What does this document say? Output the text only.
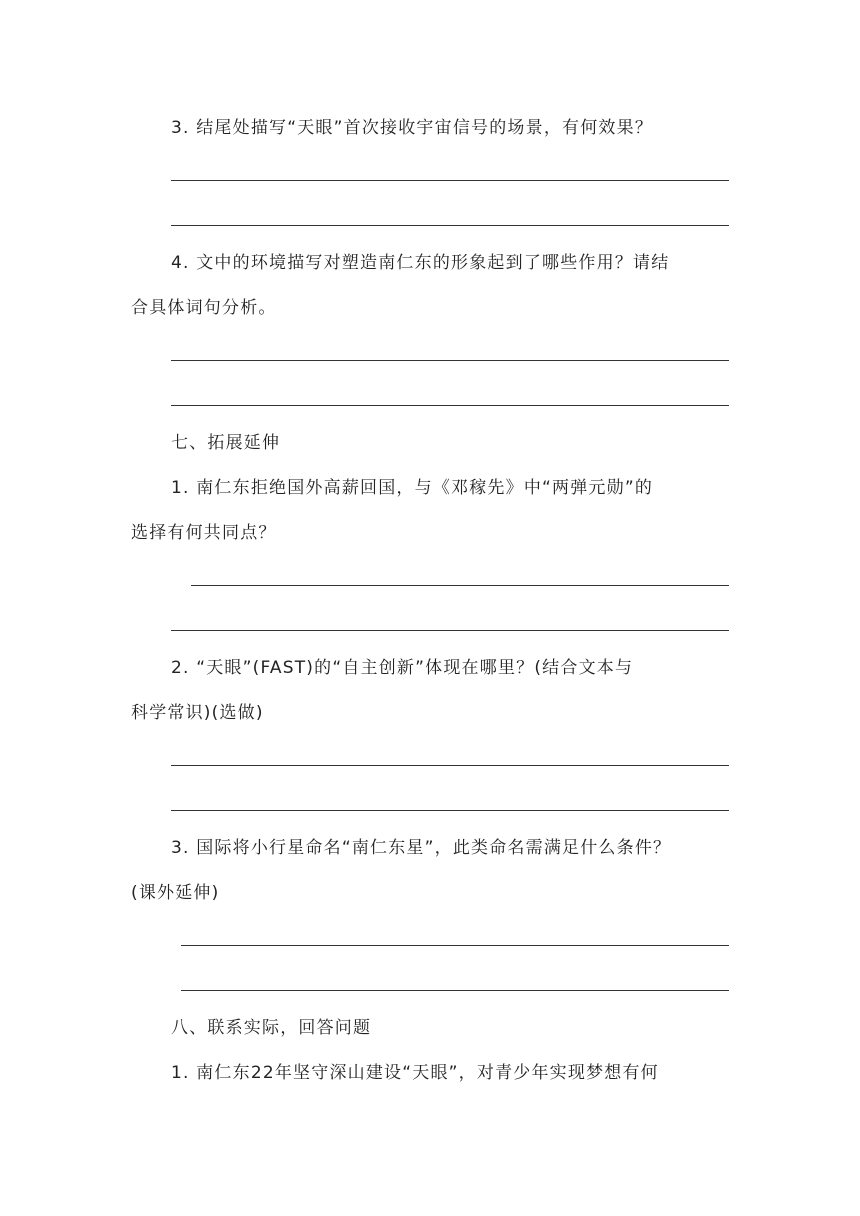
3. 结尾处描写“天眼”首次接收宇宙信号的场景，有何效果？
4. 文中的环境描写对塑造南仁东的形象起到了哪些作用？请结
合具体词句分析。
七、拓展延伸
1. 南仁东拒绝国外高薪回国，与《邓稼先》中“两弹元勋”的
选择有何共同点？
2. “天眼”(FAST)的“自主创新”体现在哪里？(结合文本与
科学常识)(选做)
3. 国际将小行星命名“南仁东星”，此类命名需满足什么条件？
(课外延伸)
八、联系实际，回答问题
1. 南仁东22年坚守深山建设“天眼”，对青少年实现梦想有何
